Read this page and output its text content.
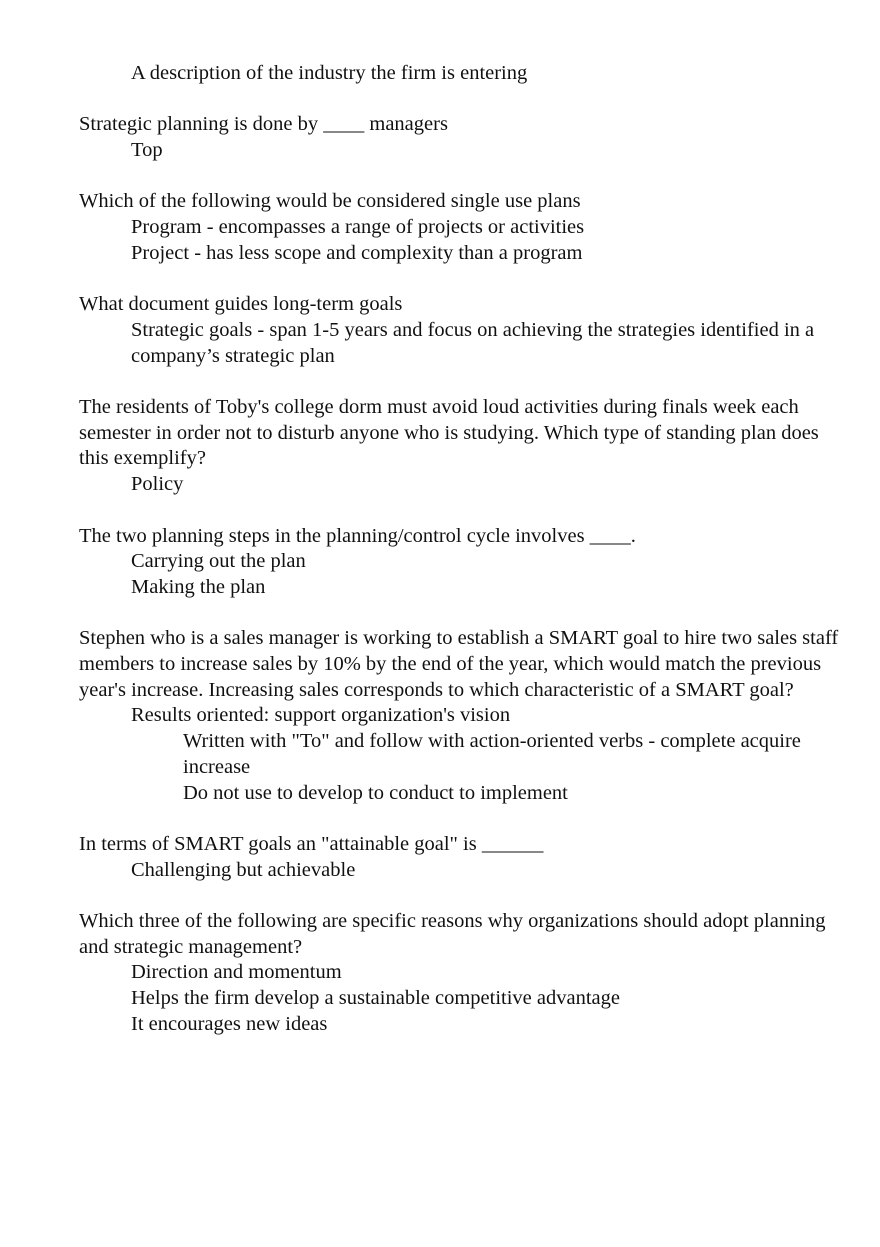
A description of the industry the firm is entering

Strategic planning is done by ____ managers

Top

Which of the following would be considered single use plans

Program - encompasses a range of projects or activities

Project - has less scope and complexity than a program

What document guides long-term goals

Strategic goals - span 1-5 years and focus on achieving the strategies identified in a company’s strategic plan

The residents of Toby's college dorm must avoid loud activities during finals week each semester in order not to disturb anyone who is studying. Which type of standing plan does this exemplify?

Policy

The two planning steps in the planning/control cycle involves ____.

Carrying out the plan

Making the plan

Stephen who is a sales manager is working to establish a SMART goal to hire two sales staff members to increase sales by 10% by the end of the year, which would match the previous year's increase. Increasing sales corresponds to which characteristic of a SMART goal?

Results oriented: support organization's vision

Written with "To" and follow with action-oriented verbs - complete acquire increase

Do not use to develop to conduct to implement

In terms of SMART goals an "attainable goal" is ______

Challenging but achievable

Which three of the following are specific reasons why organizations should adopt planning and strategic management?

Direction and momentum

Helps the firm develop a sustainable competitive advantage

It encourages new ideas
